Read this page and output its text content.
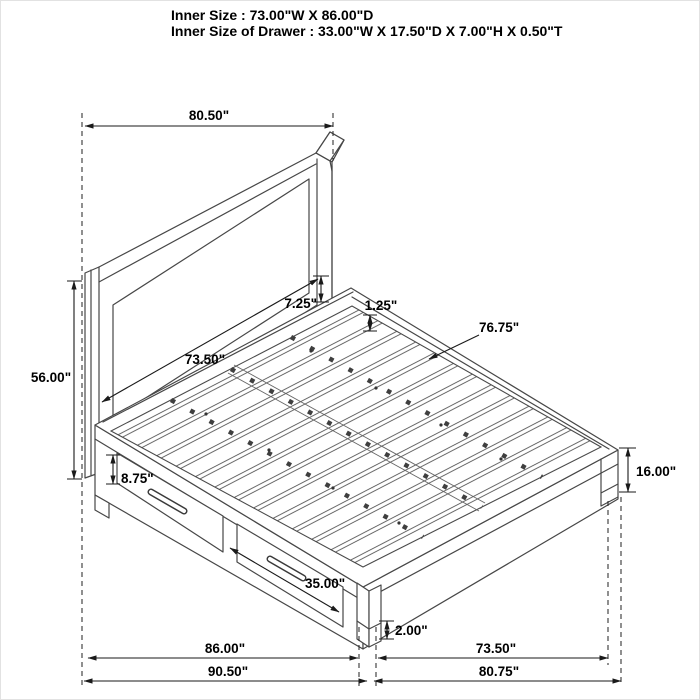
Inner Size : 73.00"W X 86.00"D
Inner Size of Drawer : 33.00"W X 17.50"D X 7.00"H X 0.50"T
80.50"
56.00"
73.50"
7.25"	1.25"
76.75"
8.75"
35.00"
16.00"
2.00"
86.00"	73.50"
90.50"	80.75"
